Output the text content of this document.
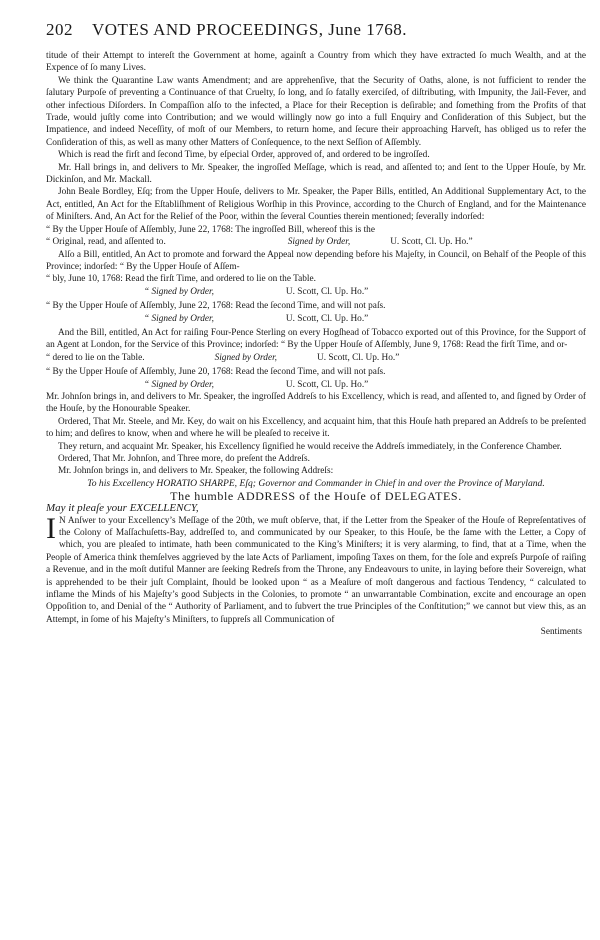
202 VOTES AND PROCEEDINGS, June 1768.

titude of their Attempt to intereſt the Government at home, againſt a Country from which they have extracted ſo much Wealth, and at the Expence of ſo many Lives.

We think the Quarantine Law wants Amendment; and are apprehenſive, that the Security of Oaths, alone, is not ſufficient to render the ſalutary Purpoſe of preventing a Continuance of that Cruelty, ſo long, and ſo fatally exerciſed, of diſtributing, with Impunity, the Jail-Fever, and other infectious Diſorders. In Compaſſion alſo to the infected, a Place for their Reception is deſirable; and ſomething from the Profits of that Trade, would juſtly come into Contribution; and we would willingly now go into a full Enquiry and Conſideration of this Subject, but the Impatience, and indeed Neceſſity, of moſt of our Members, to return home, and ſecure their approaching Harveſt, has obliged us to refer the Conſideration of this, as well as many other Matters of Conſequence, to the next Seſſion of Aſſembly.

Which is read the firſt and ſecond Time, by eſpecial Order, approved of, and ordered to be ingroſſed.

Mr. Hall brings in, and delivers to Mr. Speaker, the ingroſſed Meſſage, which is read, and aſſented to; and ſent to the Upper Houſe, by Mr. Dickinſon, and Mr. Mackall.

John Beale Bordley, Eſq; from the Upper Houſe, delivers to Mr. Speaker, the Paper Bills, entitled, An Additional Supplementary Act, to the Act, entitled, An Act for the Eſtabliſhment of Religious Worſhip in this Province, according to the Church of England, and for the Maintenance of Miniſters. And, An Act for the Relief of the Poor, within the ſeveral Counties therein mentioned; ſeverally indorſed:

“ By the Upper Houſe of Aſſembly, June 22, 1768: The ingroſſed Bill, whereof this is the

“ Original, read, and aſſented to.	Signed by Order,	U. Scott, Cl. Up. Ho.”

Alſo a Bill, entitled, An Act to promote and forward the Appeal now depending before his Majeſty, in Council, on Behalf of the People of this Province; indorſed: “ By the Upper Houſe of Aſſem-

“ bly, June 10, 1768: Read the firſt Time, and ordered to lie on the Table.

“ Signed by Order,	U. Scott, Cl. Up. Ho.”

“ By the Upper Houſe of Aſſembly, June 22, 1768: Read the ſecond Time, and will not paſs.

“ Signed by Order,	U. Scott, Cl. Up. Ho.”

And the Bill, entitled, An Act for raiſing Four-Pence Sterling on every Hogſhead of Tobacco exported out of this Province, for the Support of an Agent at London, for the Service of this Province; indorſed: “ By the Upper Houſe of Aſſembly, June 9, 1768: Read the firſt Time, and or-

“ dered to lie on the Table.	Signed by Order,	U. Scott, Cl. Up. Ho.”

“ By the Upper Houſe of Aſſembly, June 20, 1768: Read the ſecond Time, and will not paſs.

“ Signed by Order,	U. Scott, Cl. Up. Ho.”

Mr. Johnſon brings in, and delivers to Mr. Speaker, the ingroſſed Addreſs to his Excellency, which is read, and aſſented to, and ſigned by Order of the Houſe, by the Honourable Speaker.

Ordered, That Mr. Steele, and Mr. Key, do wait on his Excellency, and acquaint him, that this Houſe hath prepared an Addreſs to be preſented to him; and deſires to know, when and where he will be pleaſed to receive it.

They return, and acquaint Mr. Speaker, his Excellency ſignified he would receive the Addreſs immediately, in the Conference Chamber.

Ordered, That Mr. Johnſon, and Three more, do preſent the Addreſs.

Mr. Johnſon brings in, and delivers to Mr. Speaker, the following Addreſs:

To his Excellency HORATIO SHARPE, Eſq; Governor and Commander in Chief in and over the Province of Maryland.

The humble ADDRESS of the Houſe of DELEGATES.

May it pleaſe your EXCELLENCY,

I N Anſwer to your Excellency’s Meſſage of the 20th, we muſt obſerve, that, if the Letter from the Speaker of the Houſe of Repreſentatives of the Colony of Maſſachuſetts-Bay, addreſſed to, and communicated by our Speaker, to this Houſe, be the ſame with the Letter, a Copy of which, you are pleaſed to intimate, hath been communicated to the King’s Miniſters; it is very alarming, to find, that at a Time, when the People of America think themſelves aggrieved by the late Acts of Parliament, impoſing Taxes on them, for the ſole and expreſs Purpoſe of raiſing a Revenue, and in the moſt dutiful Manner are ſeeking Redreſs from the Throne, any Endeavours to unite, in laying before their Sovereign, what is apprehended to be their juſt Complaint, ſhould be looked upon “ as a Meaſure of moſt dangerous and factious Tendency, “ calculated to inflame the Minds of his Majeſty’s good Subjects in the Colonies, to promote “ an unwarrantable Combination, excite and encourage an open Oppoſition to, and Denial of the “ Authority of Parliament, and to ſubvert the true Principles of the Conſtitution;” we cannot but view this, as an Attempt, in ſome of his Majeſty’s Miniſters, to ſuppreſs all Communication of

Sentiments
